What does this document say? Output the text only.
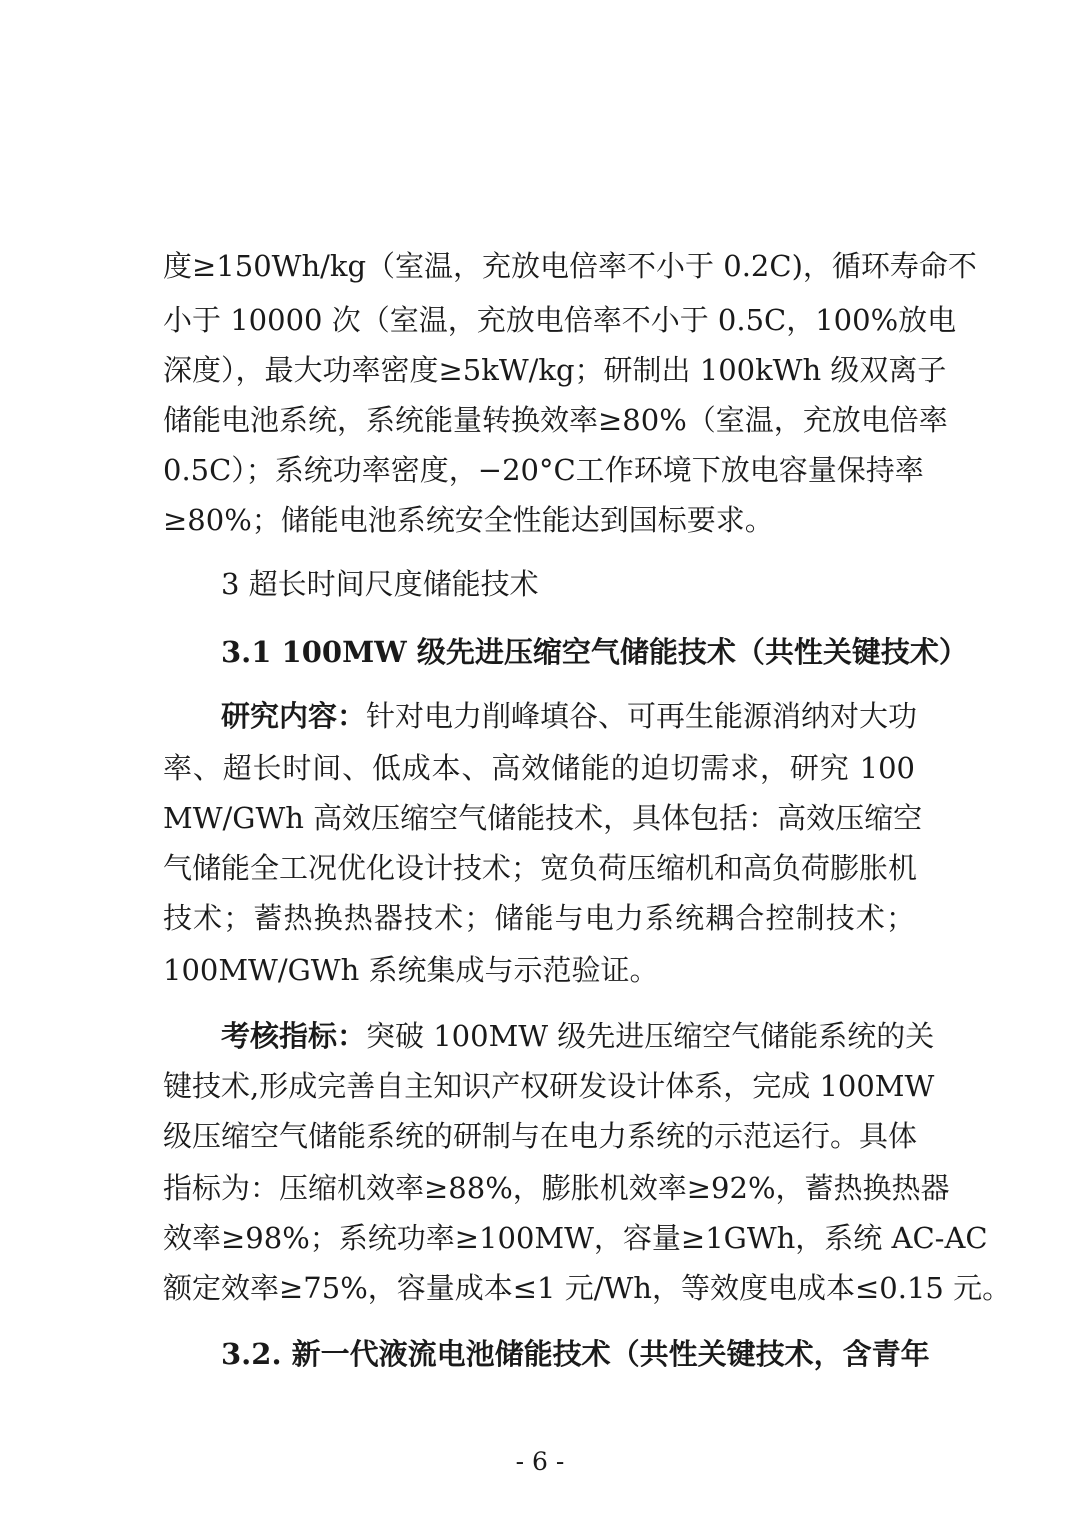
度≥150Wh/kg（室温，充放电倍率不小于 0.2C)，循环寿命不
小于 10000 次（室温，充放电倍率不小于 0.5C，100%放电
深度），最大功率密度≥5kW/kg；研制出 100kWh 级双离子
储能电池系统，系统能量转换效率≥80%（室温，充放电倍率
0.5C）；系统功率密度，−20°C工作环境下放电容量保持率
≥80%；储能电池系统安全性能达到国标要求。
3 超长时间尺度储能技术
3.1 100MW 级先进压缩空气储能技术（共性关键技术）
研究内容：针对电力削峰填谷、可再生能源消纳对大功
率、超长时间、低成本、高效储能的迫切需求，研究 100
MW/GWh 高效压缩空气储能技术，具体包括：高效压缩空
气储能全工况优化设计技术；宽负荷压缩机和高负荷膨胀机
技术；蓄热换热器技术；储能与电力系统耦合控制技术；
100MW/GWh 系统集成与示范验证。
考核指标：突破 100MW 级先进压缩空气储能系统的关
键技术,形成完善自主知识产权研发设计体系，完成 100MW
级压缩空气储能系统的研制与在电力系统的示范运行。具体
指标为：压缩机效率≥88%，膨胀机效率≥92%，蓄热换热器
效率≥98%；系统功率≥100MW，容量≥1GWh，系统 AC-AC
额定效率≥75%，容量成本≤1 元/Wh，等效度电成本≤0.15 元。
3.2. 新一代液流电池储能技术（共性关键技术，含青年
- 6 -
